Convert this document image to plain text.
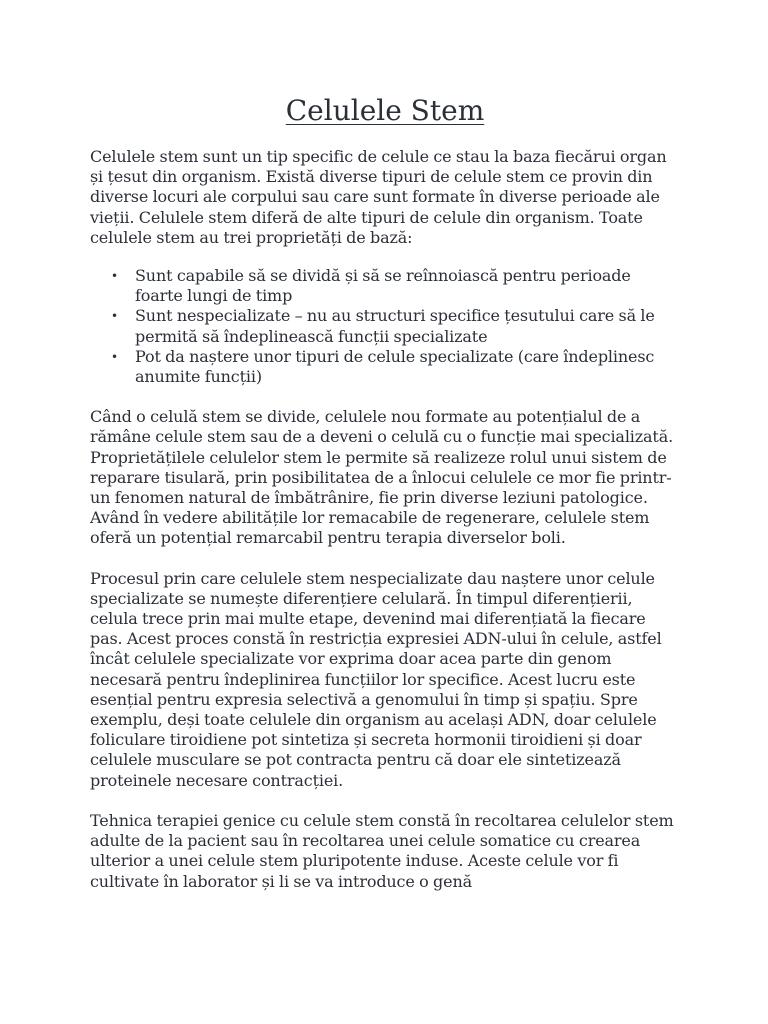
Celulele Stem

Celulele stem sunt un tip specific de celule ce stau la baza fiecărui organ și țesut din organism. Există diverse tipuri de celule stem ce provin din diverse locuri ale corpului sau care sunt formate în diverse perioade ale vieții. Celulele stem diferă de alte tipuri de celule din organism. Toate celulele stem au trei proprietăți de bază:

• Sunt capabile să se dividă și să se reînnoiască pentru perioade foarte lungi de timp
• Sunt nespecializate – nu au structuri specifice țesutului care să le permită să îndeplinească funcții specializate
• Pot da naștere unor tipuri de celule specializate (care îndeplinesc anumite funcții)

Când o celulă stem se divide, celulele nou formate au potențialul de a rămâne celule stem sau de a deveni o celulă cu o funcție mai specializată. Proprietățilele celulelor stem le permite să realizeze rolul unui sistem de reparare tisulară, prin posibilitatea de a înlocui celulele ce mor fie printr-un fenomen natural de îmbătrânire, fie prin diverse leziuni patologice. Având în vedere abilitățile lor remacabile de regenerare, celulele stem oferă un potențial remarcabil pentru terapia diverselor boli.

Procesul prin care celulele stem nespecializate dau naștere unor celule specializate se numește diferențiere celulară. În timpul diferențierii, celula trece prin mai multe etape, devenind mai diferențiată la fiecare pas. Acest proces constă în restricția expresiei ADN-ului în celule, astfel încât celulele specializate vor exprima doar acea parte din genom necesară pentru îndeplinirea funcțiilor lor specifice. Acest lucru este esențial pentru expresia selectivă a genomului în timp și spațiu. Spre exemplu, deși toate celulele din organism au același ADN, doar celulele foliculare tiroidiene pot sintetiza și secreta hormonii tiroidieni și doar celulele musculare se pot contracta pentru că doar ele sintetizează proteinele necesare contracției.

Tehnica terapiei genice cu celule stem constă în recoltarea celulelor stem adulte de la pacient sau în recoltarea unei celule somatice cu crearea ulterior a unei celule stem pluripotente induse. Aceste celule vor fi cultivate în laborator și li se va introduce o genă
